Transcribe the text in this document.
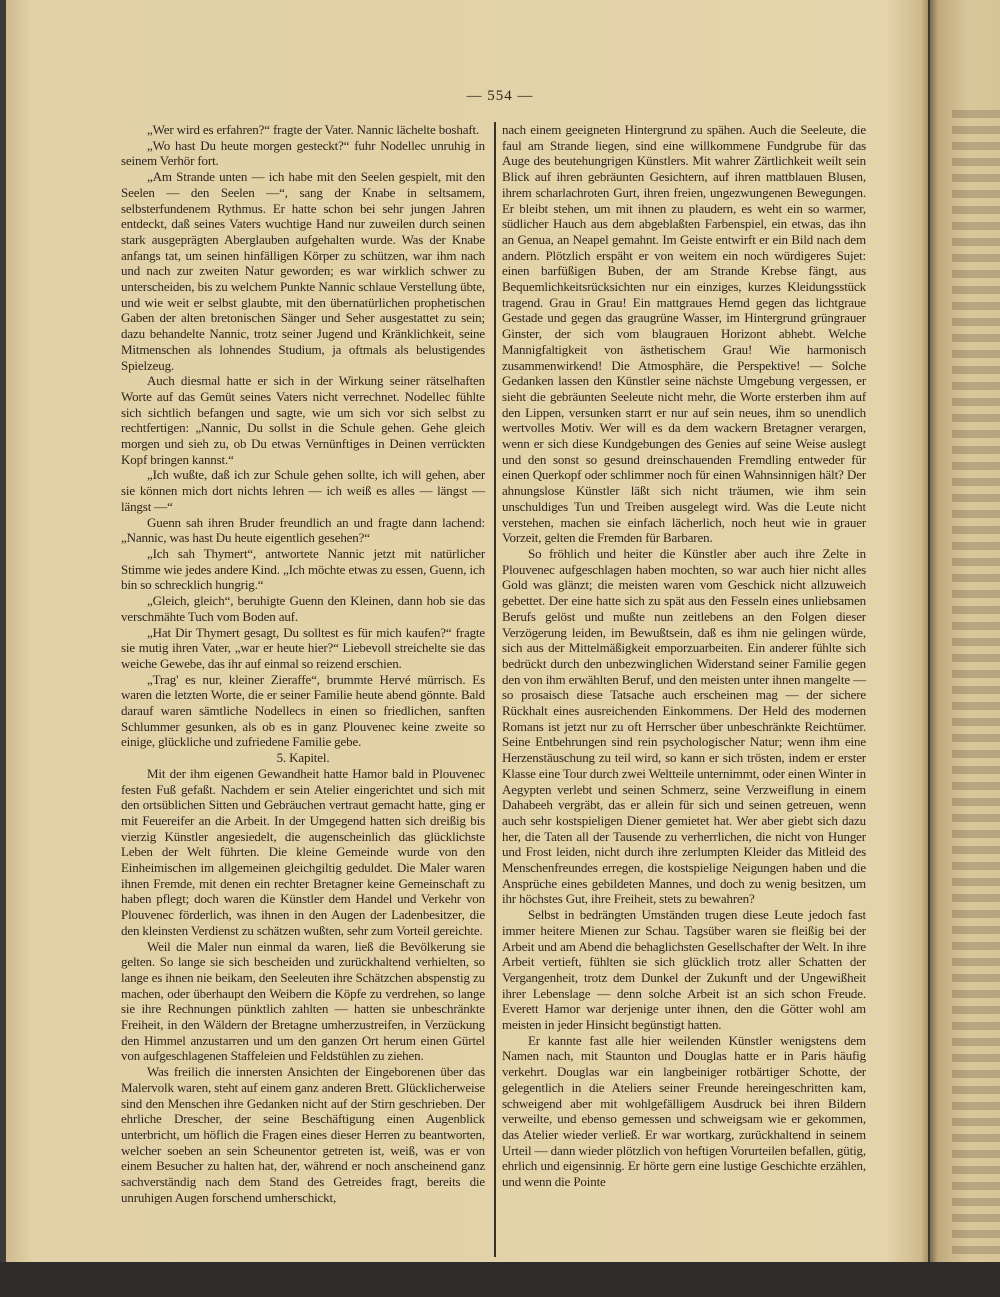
— 554 —

„Wer wird es erfahren?“ fragte der Vater. Nannic lächelte boshaft.

„Wo hast Du heute morgen gesteckt?“ fuhr Nodellec unruhig in seinem Verhör fort.

„Am Strande unten — ich habe mit den Seelen gespielt, mit den Seelen — den Seelen —“, sang der Knabe in seltsamem, selbsterfundenem Rythmus. Er hatte schon bei sehr jungen Jahren entdeckt, daß seines Vaters wuchtige Hand nur zuweilen durch seinen stark ausgeprägten Aberglauben aufgehalten wurde. Was der Knabe anfangs tat, um seinen hinfälligen Körper zu schützen, war ihm nach und nach zur zweiten Natur geworden; es war wirklich schwer zu unterscheiden, bis zu welchem Punkte Nannic schlaue Verstellung übte, und wie weit er selbst glaubte, mit den übernatürlichen prophetischen Gaben der alten bretonischen Sänger und Seher ausgestattet zu sein; dazu behandelte Nannic, trotz seiner Jugend und Kränklichkeit, seine Mitmenschen als lohnendes Studium, ja oftmals als belustigendes Spielzeug.

Auch diesmal hatte er sich in der Wirkung seiner rätselhaften Worte auf das Gemüt seines Vaters nicht verrechnet. Nodellec fühlte sich sichtlich befangen und sagte, wie um sich vor sich selbst zu rechtfertigen: „Nannic, Du sollst in die Schule gehen. Gehe gleich morgen und sieh zu, ob Du etwas Vernünftiges in Deinen verrückten Kopf bringen kannst.“

„Ich wußte, daß ich zur Schule gehen sollte, ich will gehen, aber sie können mich dort nichts lehren — ich weiß es alles — längst — längst —“

Guenn sah ihren Bruder freundlich an und fragte dann lachend: „Nannic, was hast Du heute eigentlich gesehen?“

„Ich sah Thymert“, antwortete Nannic jetzt mit natürlicher Stimme wie jedes andere Kind. „Ich möchte etwas zu essen, Guenn, ich bin so schrecklich hungrig.“

„Gleich, gleich“, beruhigte Guenn den Kleinen, dann hob sie das verschmähte Tuch vom Boden auf.

„Hat Dir Thymert gesagt, Du solltest es für mich kaufen?“ fragte sie mutig ihren Vater, „war er heute hier?“ Liebevoll streichelte sie das weiche Gewebe, das ihr auf einmal so reizend erschien.

„Trag' es nur, kleiner Zieraffe“, brummte Hervé mürrisch. Es waren die letzten Worte, die er seiner Familie heute abend gönnte. Bald darauf waren sämtliche Nodellecs in einen so friedlichen, sanften Schlummer gesunken, als ob es in ganz Plouvenec keine zweite so einige, glückliche und zufriedene Familie gebe.

5. Kapitel.

Mit der ihm eigenen Gewandheit hatte Hamor bald in Plouvenec festen Fuß gefaßt. Nachdem er sein Atelier eingerichtet und sich mit den ortsüblichen Sitten und Gebräuchen vertraut gemacht hatte, ging er mit Feuereifer an die Arbeit. In der Umgegend hatten sich dreißig bis vierzig Künstler angesiedelt, die augenscheinlich das glücklichste Leben der Welt führten. Die kleine Gemeinde wurde von den Einheimischen im allgemeinen gleichgiltig geduldet. Die Maler waren ihnen Fremde, mit denen ein rechter Bretagner keine Gemeinschaft zu haben pflegt; doch waren die Künstler dem Handel und Verkehr von Plouvenec förderlich, was ihnen in den Augen der Ladenbesitzer, die den kleinsten Verdienst zu schätzen wußten, sehr zum Vorteil gereichte.

Weil die Maler nun einmal da waren, ließ die Bevölkerung sie gelten. So lange sie sich bescheiden und zurückhaltend verhielten, so lange es ihnen nie beikam, den Seeleuten ihre Schätzchen abspenstig zu machen, oder überhaupt den Weibern die Köpfe zu verdrehen, so lange sie ihre Rechnungen pünktlich zahlten — hatten sie unbeschränkte Freiheit, in den Wäldern der Bretagne umherzustreifen, in Verzückung den Himmel anzustarren und um den ganzen Ort herum einen Gürtel von aufgeschlagenen Staffeleien und Feldstühlen zu ziehen.

Was freilich die innersten Ansichten der Eingeborenen über das Malervolk waren, steht auf einem ganz anderen Brett. Glücklicherweise sind den Menschen ihre Gedanken nicht auf der Stirn geschrieben. Der ehrliche Drescher, der seine Beschäftigung einen Augenblick unterbricht, um höflich die Fragen eines dieser Herren zu beantworten, welcher soeben an sein Scheunentor getreten ist, weiß, was er von einem Besucher zu halten hat, der, während er noch anscheinend ganz sachverständig nach dem Stand des Getreides fragt, bereits die unruhigen Augen forschend umherschickt,

nach einem geeigneten Hintergrund zu spähen. Auch die Seeleute, die faul am Strande liegen, sind eine willkommene Fundgrube für das Auge des beutehungrigen Künstlers. Mit wahrer Zärtlichkeit weilt sein Blick auf ihren gebräunten Gesichtern, auf ihren mattblauen Blusen, ihrem scharlachroten Gurt, ihren freien, ungezwungenen Bewegungen. Er bleibt stehen, um mit ihnen zu plaudern, es weht ein so warmer, südlicher Hauch aus dem abgeblaßten Farbenspiel, ein etwas, das ihn an Genua, an Neapel gemahnt. Im Geiste entwirft er ein Bild nach dem andern. Plötzlich erspäht er von weitem ein noch würdigeres Sujet: einen barfüßigen Buben, der am Strande Krebse fängt, aus Bequemlichkeitsrücksichten nur ein einziges, kurzes Kleidungsstück tragend. Grau in Grau! Ein mattgraues Hemd gegen das lichtgraue Gestade und gegen das graugrüne Wasser, im Hintergrund grüngrauer Ginster, der sich vom blaugrauen Horizont abhebt. Welche Mannigfaltigkeit von ästhetischem Grau! Wie harmonisch zusammenwirkend! Die Atmosphäre, die Perspektive! — Solche Gedanken lassen den Künstler seine nächste Umgebung vergessen, er sieht die gebräunten Seeleute nicht mehr, die Worte ersterben ihm auf den Lippen, versunken starrt er nur auf sein neues, ihm so unendlich wertvolles Motiv. Wer will es da dem wackern Bretagner verargen, wenn er sich diese Kundgebungen des Genies auf seine Weise auslegt und den sonst so gesund dreinschauenden Fremdling entweder für einen Querkopf oder schlimmer noch für einen Wahnsinnigen hält? Der ahnungslose Künstler läßt sich nicht träumen, wie ihm sein unschuldiges Tun und Treiben ausgelegt wird. Was die Leute nicht verstehen, machen sie einfach lächerlich, noch heut wie in grauer Vorzeit, gelten die Fremden für Barbaren.

So fröhlich und heiter die Künstler aber auch ihre Zelte in Plouvenec aufgeschlagen haben mochten, so war auch hier nicht alles Gold was glänzt; die meisten waren vom Geschick nicht allzuweich gebettet. Der eine hatte sich zu spät aus den Fesseln eines unliebsamen Berufs gelöst und mußte nun zeitlebens an den Folgen dieser Verzögerung leiden, im Bewußtsein, daß es ihm nie gelingen würde, sich aus der Mittelmäßigkeit emporzuarbeiten. Ein anderer fühlte sich bedrückt durch den unbezwinglichen Widerstand seiner Familie gegen den von ihm erwählten Beruf, und den meisten unter ihnen mangelte — so prosaisch diese Tatsache auch erscheinen mag — der sichere Rückhalt eines ausreichenden Einkommens. Der Held des modernen Romans ist jetzt nur zu oft Herrscher über unbeschränkte Reichtümer. Seine Entbehrungen sind rein psychologischer Natur; wenn ihm eine Herzenstäuschung zu teil wird, so kann er sich trösten, indem er erster Klasse eine Tour durch zwei Weltteile unternimmt, oder einen Winter in Aegypten verlebt und seinen Schmerz, seine Verzweiflung in einem Dahabeeh vergräbt, das er allein für sich und seinen getreuen, wenn auch sehr kostspieligen Diener gemietet hat. Wer aber giebt sich dazu her, die Taten all der Tausende zu verherrlichen, die nicht von Hunger und Frost leiden, nicht durch ihre zerlumpten Kleider das Mitleid des Menschenfreundes erregen, die kostspielige Neigungen haben und die Ansprüche eines gebildeten Mannes, und doch zu wenig besitzen, um ihr höchstes Gut, ihre Freiheit, stets zu bewahren?

Selbst in bedrängten Umständen trugen diese Leute jedoch fast immer heitere Mienen zur Schau. Tagsüber waren sie fleißig bei der Arbeit und am Abend die behaglichsten Gesellschafter der Welt. In ihre Arbeit vertieft, fühlten sie sich glücklich trotz aller Schatten der Vergangenheit, trotz dem Dunkel der Zukunft und der Ungewißheit ihrer Lebenslage — denn solche Arbeit ist an sich schon Freude. Everett Hamor war derjenige unter ihnen, den die Götter wohl am meisten in jeder Hinsicht begünstigt hatten.

Er kannte fast alle hier weilenden Künstler wenigstens dem Namen nach, mit Staunton und Douglas hatte er in Paris häufig verkehrt. Douglas war ein langbeiniger rotbärtiger Schotte, der gelegentlich in die Ateliers seiner Freunde hereingeschritten kam, schweigend aber mit wohlgefälligem Ausdruck bei ihren Bildern verweilte, und ebenso gemessen und schweigsam wie er gekommen, das Atelier wieder verließ. Er war wortkarg, zurückhaltend in seinem Urteil — dann wieder plötzlich von heftigen Vorurteilen befallen, gütig, ehrlich und eigensinnig. Er hörte gern eine lustige Geschichte erzählen, und wenn die Pointe
